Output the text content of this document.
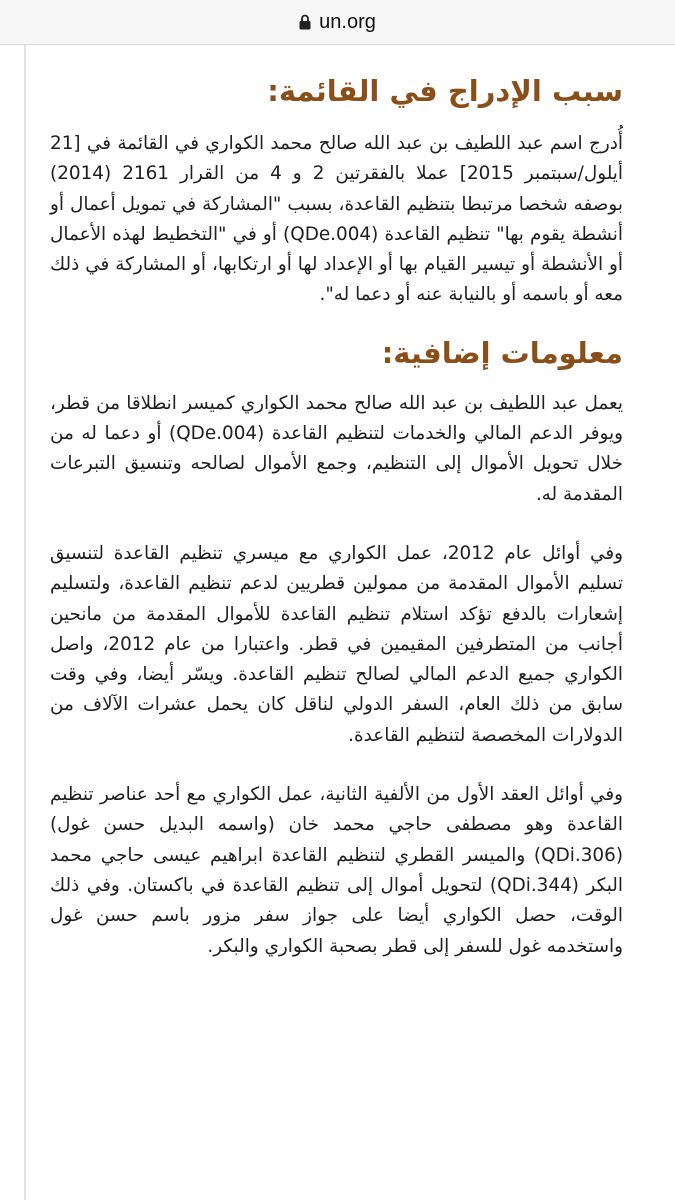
un.org
سبب الإدراج في القائمة:

أُدرج اسم عبد اللطيف بن عبد الله صالح محمد الكواري في القائمة في [21 أيلول/سبتمبر 2015] عملا بالفقرتين 2 و 4 من القرار 2161 (2014) بوصفه شخصا مرتبطا بتنظيم القاعدة، بسبب "المشاركة في تمويل أعمال أو أنشطة يقوم بها" تنظيم القاعدة (QDe.004) أو في "التخطيط لهذه الأعمال أو الأنشطة أو تيسير القيام بها أو الإعداد لها أو ارتكابها، أو المشاركة في ذلك معه أو باسمه أو بالنيابة عنه أو دعما له".

معلومات إضافية:

يعمل عبد اللطيف بن عبد الله صالح محمد الكواري كميسر انطلاقا من قطر، ويوفر الدعم المالي والخدمات لتنظيم القاعدة (QDe.004) أو دعما له من خلال تحويل الأموال إلى التنظيم، وجمع الأموال لصالحه وتنسيق التبرعات المقدمة له.

وفي أوائل عام 2012، عمل الكواري مع ميسري تنظيم القاعدة لتنسيق تسليم الأموال المقدمة من ممولين قطريين لدعم تنظيم القاعدة، ولتسليم إشعارات بالدفع تؤكد استلام تنظيم القاعدة للأموال المقدمة من مانحين أجانب من المتطرفين المقيمين في قطر. واعتبارا من عام 2012، واصل الكواري جميع الدعم المالي لصالح تنظيم القاعدة. ويسّر أيضا، وفي وقت سابق من ذلك العام، السفر الدولي لناقل كان يحمل عشرات الآلاف من الدولارات المخصصة لتنظيم القاعدة.

وفي أوائل العقد الأول من الألفية الثانية، عمل الكواري مع أحد عناصر تنظيم القاعدة وهو مصطفى حاجي محمد خان (واسمه البديل حسن غول) (QDi.306) والميسر القطري لتنظيم القاعدة ابراهيم عيسى حاجي محمد البكر (QDi.344) لتحويل أموال إلى تنظيم القاعدة في باكستان. وفي ذلك الوقت، حصل الكواري أيضا على جواز سفر مزور باسم حسن غول واستخدمه غول للسفر إلى قطر بصحبة الكواري والبكر.
